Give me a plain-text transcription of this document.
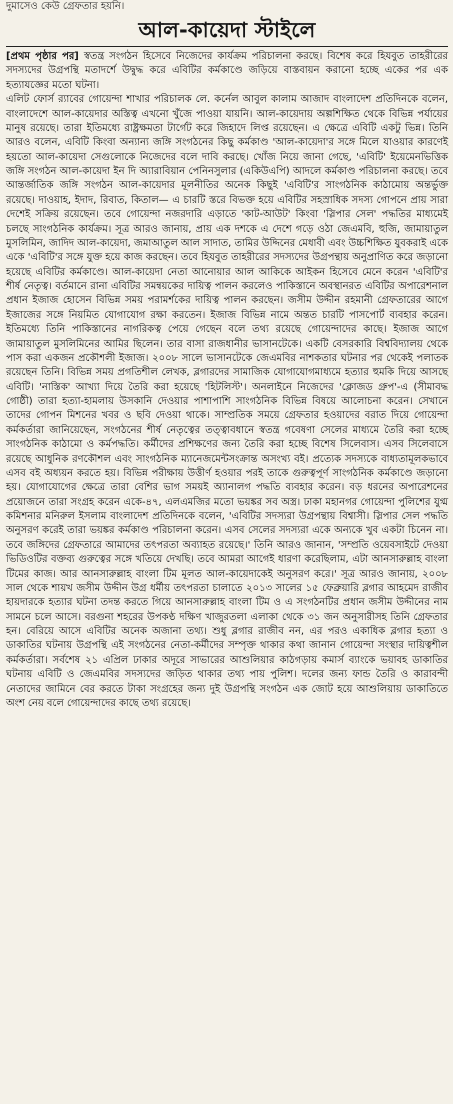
দুমাসেও কেউ গ্রেফতার হয়নি।
আল-কায়েদা স্টাইলে

[প্রথম পৃষ্ঠার পর] স্বতন্ত্র সংগঠন হিসেবে নিজেদের কার্যক্রম পরিচালনা করছে। বিশেষ করে হিযবুত তাহরীরের সদস্যদের উগ্রপন্থি মতাদর্শে উদ্বুদ্ধ করে এবিটির কর্মকাণ্ডে জড়িয়ে বাস্তবায়ন করানো হচ্ছে একের পর এক হত্যাযজ্ঞের মতো ঘটনা।
এলিট ফোর্স র‍্যাবের গোয়েন্দা শাখার পরিচালক লে. কর্নেল আবুল কালাম আজাদ বাংলাদেশ প্রতিদিনকে বলেন, বাংলাদেশে আল-কায়েদার অস্তিত্ব এখনো খুঁজে পাওয়া যায়নি। আল-কায়েদায় অল্পশিক্ষিত থেকে বিভিন্ন পর্যায়ের মানুষ রয়েছে। তারা ইতিমধ্যে রাষ্ট্রক্ষমতা টার্গেট করে জিহাদে লিপ্ত রয়েছেন। এ ক্ষেত্রে এবিটি একটু ভিন্ন। তিনি আরও বলেন, এবিটি কিংবা অন্যান্য জঙ্গি সংগঠনের কিছু কর্মকাণ্ড 'আল-কায়েদা'র সঙ্গে মিলে যাওয়ার কারণেই হয়তো আল-কায়েদা সেগুলোকে নিজেদের বলে দাবি করছে। খোঁজ নিয়ে জানা গেছে, 'এবিটি' ইয়েমেনভিত্তিক জঙ্গি সংগঠন আল-কায়েদা ইন দি অ্যারাবিয়ান পেনিনসুলার (একিউএপি) আদলে কর্মকাণ্ড পরিচালনা করছে। তবে আন্তর্জাতিক জঙ্গি সংগঠন আল-কায়েদার মূলনীতির অনেক কিছুই 'এবিটি'র সাংগঠনিক কাঠামোয় অন্তর্ভুক্ত রয়েছে। দাওয়াহ, ইদাদ, রিবাত, কিতাল— এ চারটি স্তরে বিভক্ত হয়ে এবিটির সহস্রাধিক সদস্য গোপনে প্রায় সারা দেশেই সক্রিয় রয়েছেন। তবে গোয়েন্দা নজরদারি এড়াতে 'কাট-আউট' কিংবা 'স্লিপার সেল' পদ্ধতির মাধ্যমেই চলছে সাংগঠনিক কার্যক্রম। সূত্র আরও জানায়, প্রায় এক দশকে এ দেশে গড়ে ওঠা জেএমবি, হুজি, জামায়াতুল মুসলিমিন, জাদিদ আল-কায়েদা, জমাআতুল আল সাদাত, তামির উদ্দিনের মেধাবী এবং উচ্চশিক্ষিত যুবকরাই একে একে 'এবিটি'র সঙ্গে যুক্ত হয়ে কাজ করছেন। তবে হিযবুত তাহরীরের সদস্যদের উগ্রপন্থায় অনুপ্রাণিত করে জড়ানো হয়েছে এবিটির কর্মকাণ্ডে। আল-কায়েদা নেতা আনোয়ার আল আকিকে আইকন হিসেবে মেনে করেন 'এবিটি'র শীর্ষ নেতৃত্ব। বর্তমানে রানা এবিটির সমন্বয়কের দায়িত্ব পালন করলেও পাকিস্তানে অবস্থানরত এবিটির অপারেশনাল প্রধান ইজাজ হোসেন বিভিন্ন সময় পরামর্শকের দায়িত্ব পালন করছেন। জসীম উদ্দীন রহমানী গ্রেফতারের আগে ইজাজের সঙ্গে নিয়মিত যোগাযোগ রক্ষা করতেন। ইজাজ বিভিন্ন নামে অন্তত চারটি পাসপোর্ট ব্যবহার করেন। ইতিমধ্যে তিনি পাকিস্তানের নাগরিকত্ব পেয়ে গেছেন বলে তথ্য রয়েছে গোয়েন্দাদের কাছে। ইজাজ আগে জামায়াতুল মুসলিমিনের আমির ছিলেন। তার বাসা রাজধানীর ভাসানটেকে। একটি বেসরকারি বিশ্ববিদ্যালয় থেকে পাস করা একজন প্রকৌশলী ইজাজ। ২০০৮ সালে ভাসানটেকে জেএমবির নাশকতার ঘটনার পর থেকেই পলাতক রয়েছেন তিনি। বিভিন্ন সময় প্রগতিশীল লেখক, ব্লগারদের সামাজিক যোগাযোগমাধ্যমে হত্যার হুমকি দিয়ে আসছে এবিটি। 'নাস্তিক' আখ্যা দিয়ে তৈরি করা হয়েছে 'হিটলিস্ট'। অনলাইনে নিজেদের 'ক্লোজড গ্রুপ'-এ (সীমাবদ্ধ গোষ্ঠী) তারা হত্যা-হামলায় উসকানি দেওয়ার পাশাপাশি সাংগঠনিক বিভিন্ন বিষয়ে আলোচনা করেন। সেখানে তাদের গোপন মিশনের খবর ও ছবি দেওয়া থাকে। সাম্প্রতিক সময়ে গ্রেফতার হওয়াদের বরাত দিয়ে গোয়েন্দা কর্মকর্তারা জানিয়েছেন, সংগঠনের শীর্ষ নেতৃত্বের তত্ত্বাবধানে স্বতন্ত্র গবেষণা সেলের মাধ্যমে তৈরি করা হচ্ছে সাংগঠনিক কাঠামো ও কর্মপদ্ধতি। কর্মীদের প্রশিক্ষণের জন্য তৈরি করা হচ্ছে বিশেষ সিলেবাস। এসব সিলেবাসে রয়েছে আধুনিক রণকৌশল এবং সাংগঠনিক ম্যানেজমেন্টসংক্রান্ত অসংখ্য বই। প্রত্যেক সদস্যকে বাধ্যতামূলকভাবে এসব বই অধ্যয়ন করতে হয়। বিভিন্ন পরীক্ষায় উত্তীর্ণ হওয়ার পরই তাকে গুরুত্বপূর্ণ সাংগঠনিক কর্মকাণ্ডে জড়ানো হয়। যোগাযোগের ক্ষেত্রে তারা বেশির ভাগ সময়ই অ্যানালগ পদ্ধতি ব্যবহার করেন। বড় ধরনের অপারেশনের প্রয়োজনে তারা সংগ্রহ করেন একে-৪৭, এলএমজির মতো ভয়ঙ্কর সব অস্ত্র। ঢাকা মহানগর গোয়েন্দা পুলিশের যুগ্ম কমিশনার মনিরুল ইসলাম বাংলাদেশ প্রতিদিনকে বলেন, 'এবিটির সদস্যরা উগ্রপন্থায় বিশ্বাসী। স্লিপার সেল পদ্ধতি অনুসরণ করেই তারা ভয়ঙ্কর কর্মকাণ্ড পরিচালনা করেন। এসব সেলের সদস্যরা একে অন্যকে খুব একটা চিনেন না। তবে জঙ্গিদের গ্রেফতারে আমাদের তৎপরতা অব্যাহত রয়েছে।' তিনি আরও জানান, 'সম্প্রতি ওয়েবসাইটে দেওয়া ভিডিওটির বক্তব্য গুরুত্বের সঙ্গে খতিয়ে দেখছি। তবে আমরা আগেই ধারণা করেছিলাম, এটা আনসারুল্লাহ বাংলা টিমের কাজ। আর আনসারুল্লাহ বাংলা টিম মূলত আল-কায়েদাকেই অনুসরণ করে।' সূত্র আরও জানায়, ২০০৮ সাল থেকে শায়খ জসীম উদ্দীন উগ্র ধর্মীয় তৎপরতা চালাতে ২০১৩ সালের ১৫ ফেব্রুয়ারি ব্লগার আহমেদ রাজীব হায়দারকে হত্যার ঘটনা তদন্ত করতে গিয়ে আনসারুল্লাহ বাংলা টিম ও এ সংগঠনটির প্রধান জসীম উদ্দীনের নাম সামনে চলে আসে। বরগুনা শহরের উপকণ্ঠ দক্ষিণ খাজুরতলা এলাকা থেকে ৩১ জন অনুসারীসহ তিনি গ্রেফতার হন। বেরিয়ে আসে এবিটির অনেক অজানা তথ্য। শুধু ব্লগার রাজীব নন, এর পরও একাধিক ব্লগার হত্যা ও ডাকাতির ঘটনায় উগ্রপন্থি এই সংগঠনের নেতা-কর্মীদের সম্পৃক্ত থাকার কথা জানান গোয়েন্দা সংস্থার দায়িত্বশীল কর্মকর্তারা। সর্বশেষ ২১ এপ্রিল ঢাকার অদূরে সাভারের আশুলিয়ার কাঠগড়ায় কমার্স ব্যাংকে ভয়াবহ ডাকাতির ঘটনায় এবিটি ও জেএমবির সদস্যদের জড়িত থাকার তথ্য পায় পুলিশ। দলের জন্য ফান্ড তৈরি ও কারাবন্দী নেতাদের জামিনে বের করতে টাকা সংগ্রহের জন্য দুই উগ্রপন্থি সংগঠন এক জোট হয়ে আশুলিয়ায় ডাকাতিতে অংশ নেয় বলে গোয়েন্দাদের কাছে তথ্য রয়েছে।
